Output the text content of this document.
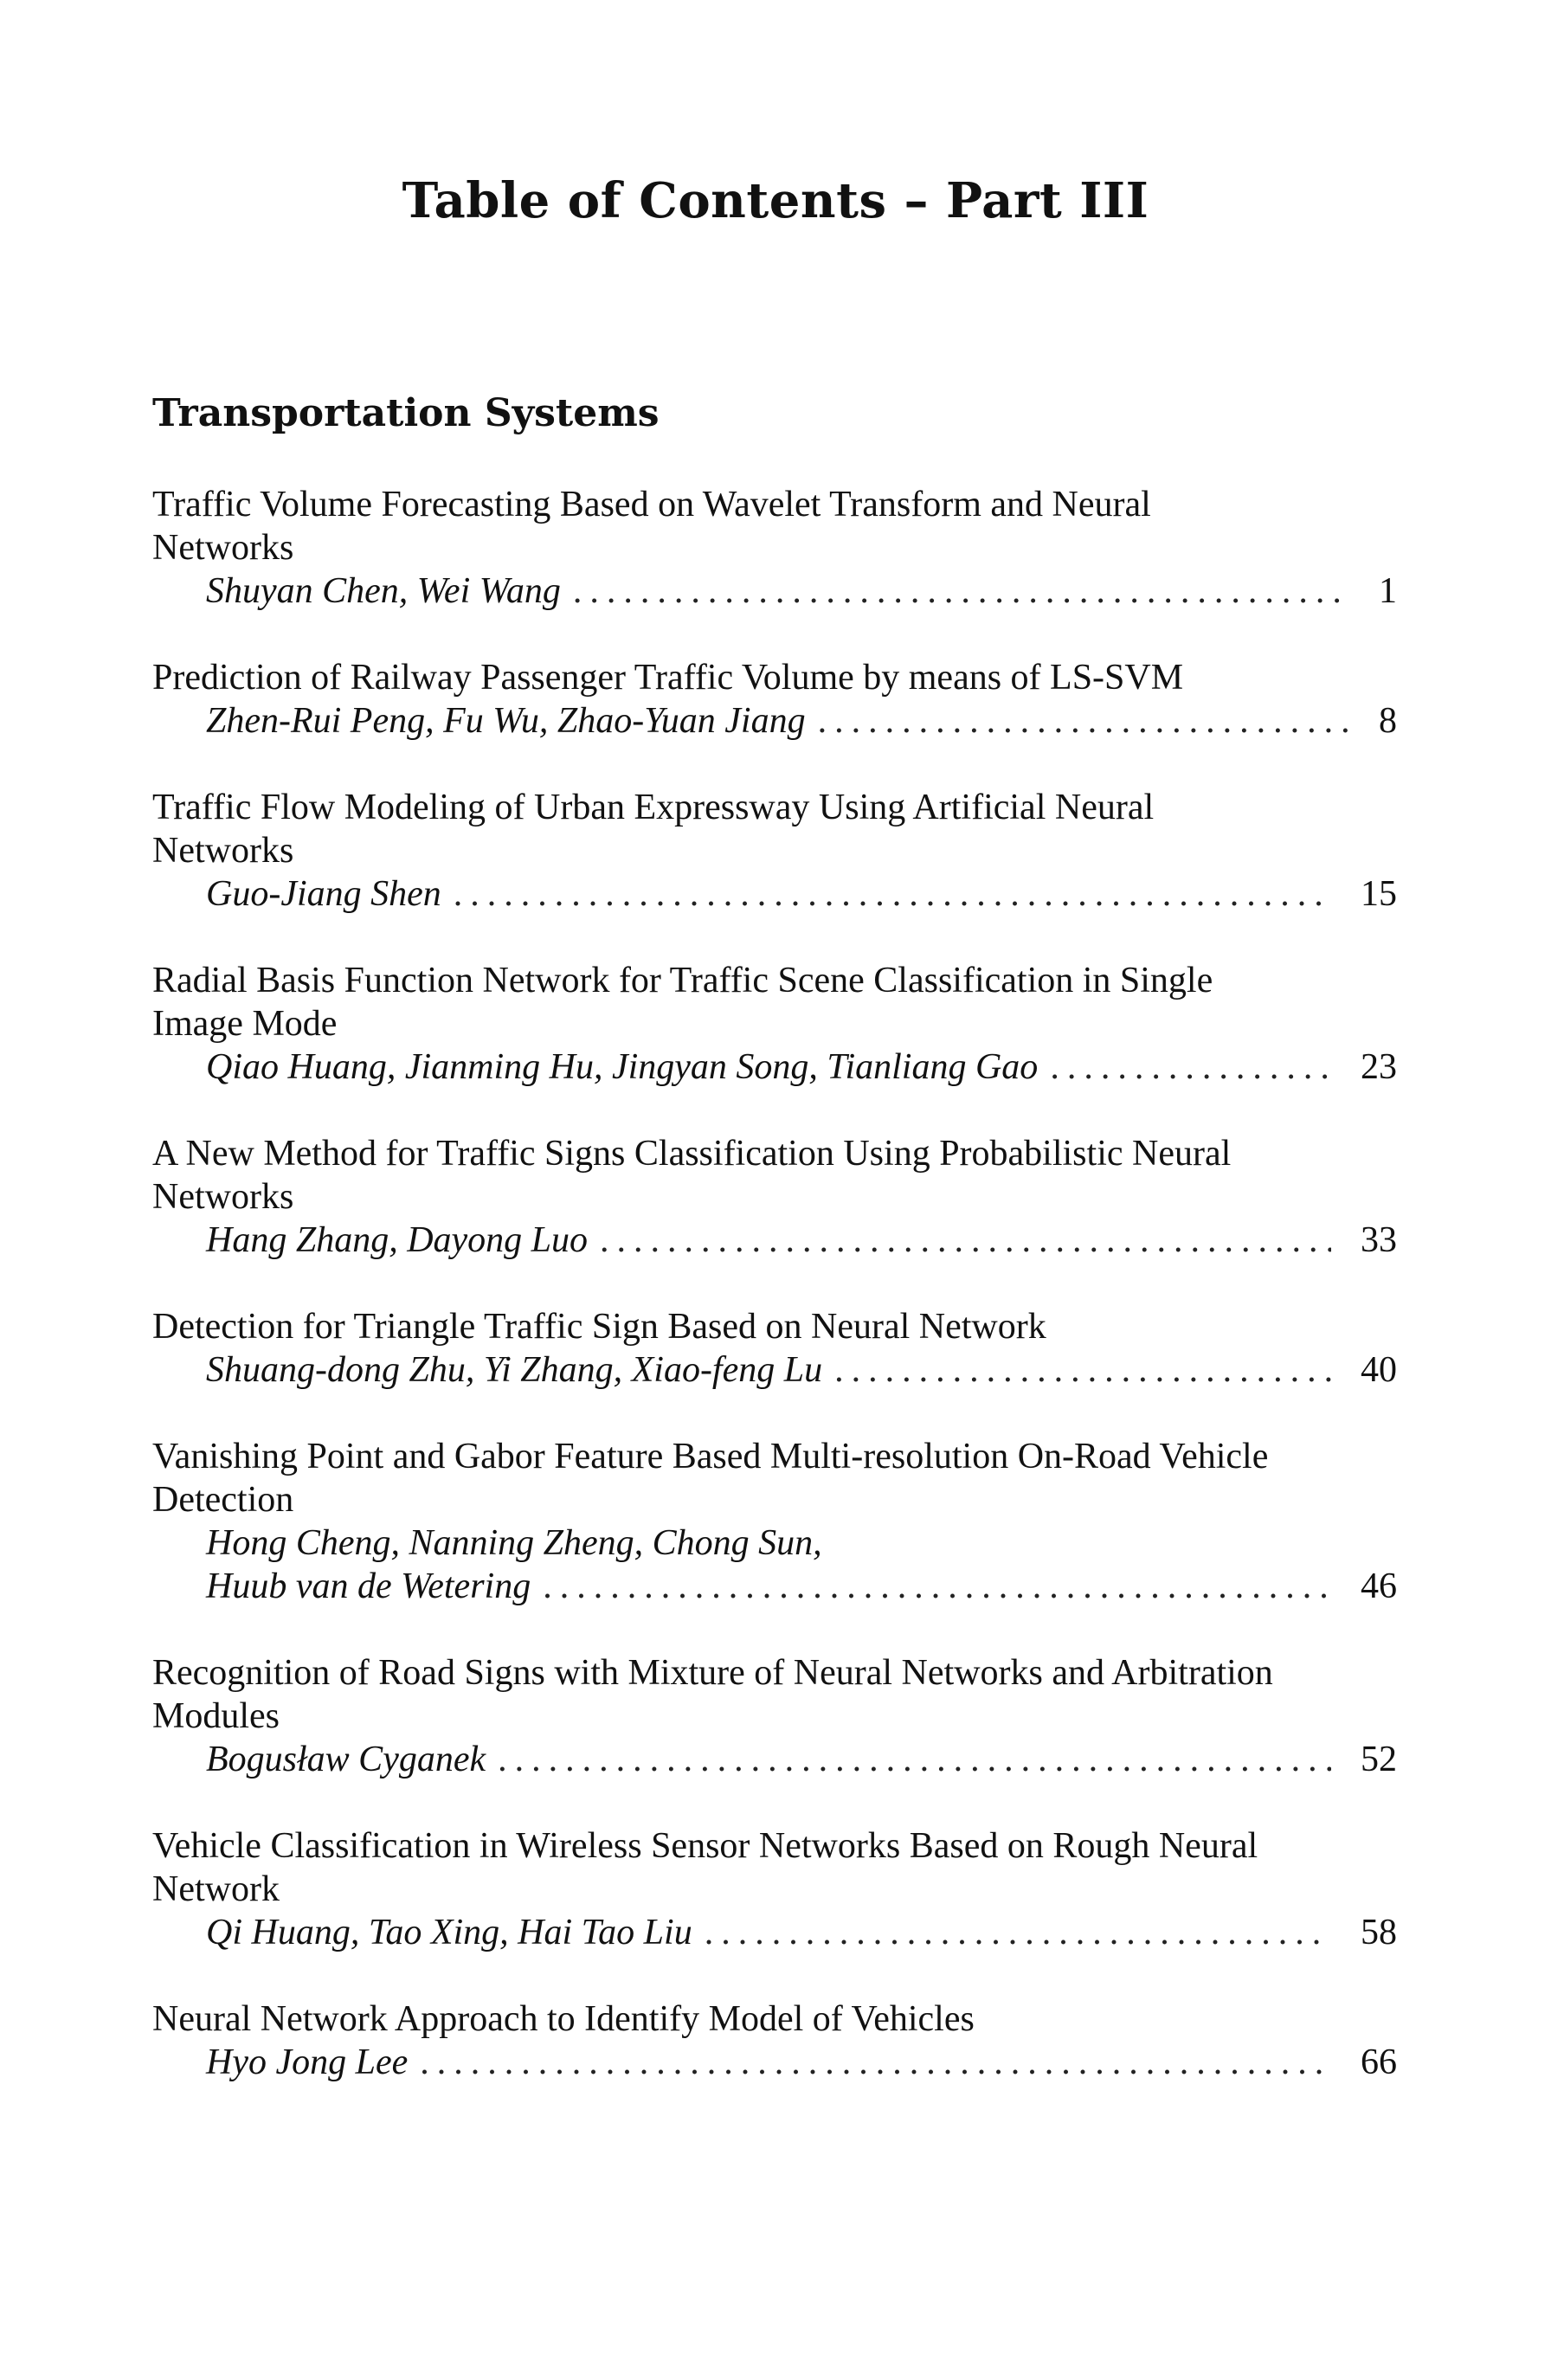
Table of Contents – Part III
Transportation Systems
Traffic Volume Forecasting Based on Wavelet Transform and Neural Networks
Shuyan Chen, Wei Wang .....	1
Prediction of Railway Passenger Traffic Volume by means of LS-SVM
Zhen-Rui Peng, Fu Wu, Zhao-Yuan Jiang .....	8
Traffic Flow Modeling of Urban Expressway Using Artificial Neural Networks
Guo-Jiang Shen .....	15
Radial Basis Function Network for Traffic Scene Classification in Single Image Mode
Qiao Huang, Jianming Hu, Jingyan Song, Tianliang Gao .....	23
A New Method for Traffic Signs Classification Using Probabilistic Neural Networks
Hang Zhang, Dayong Luo .....	33
Detection for Triangle Traffic Sign Based on Neural Network
Shuang-dong Zhu, Yi Zhang, Xiao-feng Lu .....	40
Vanishing Point and Gabor Feature Based Multi-resolution On-Road Vehicle Detection
Hong Cheng, Nanning Zheng, Chong Sun,
Huub van de Wetering .....	46
Recognition of Road Signs with Mixture of Neural Networks and Arbitration Modules
Bogusław Cyganek .....	52
Vehicle Classification in Wireless Sensor Networks Based on Rough Neural Network
Qi Huang, Tao Xing, Hai Tao Liu .....	58
Neural Network Approach to Identify Model of Vehicles
Hyo Jong Lee .....	66
